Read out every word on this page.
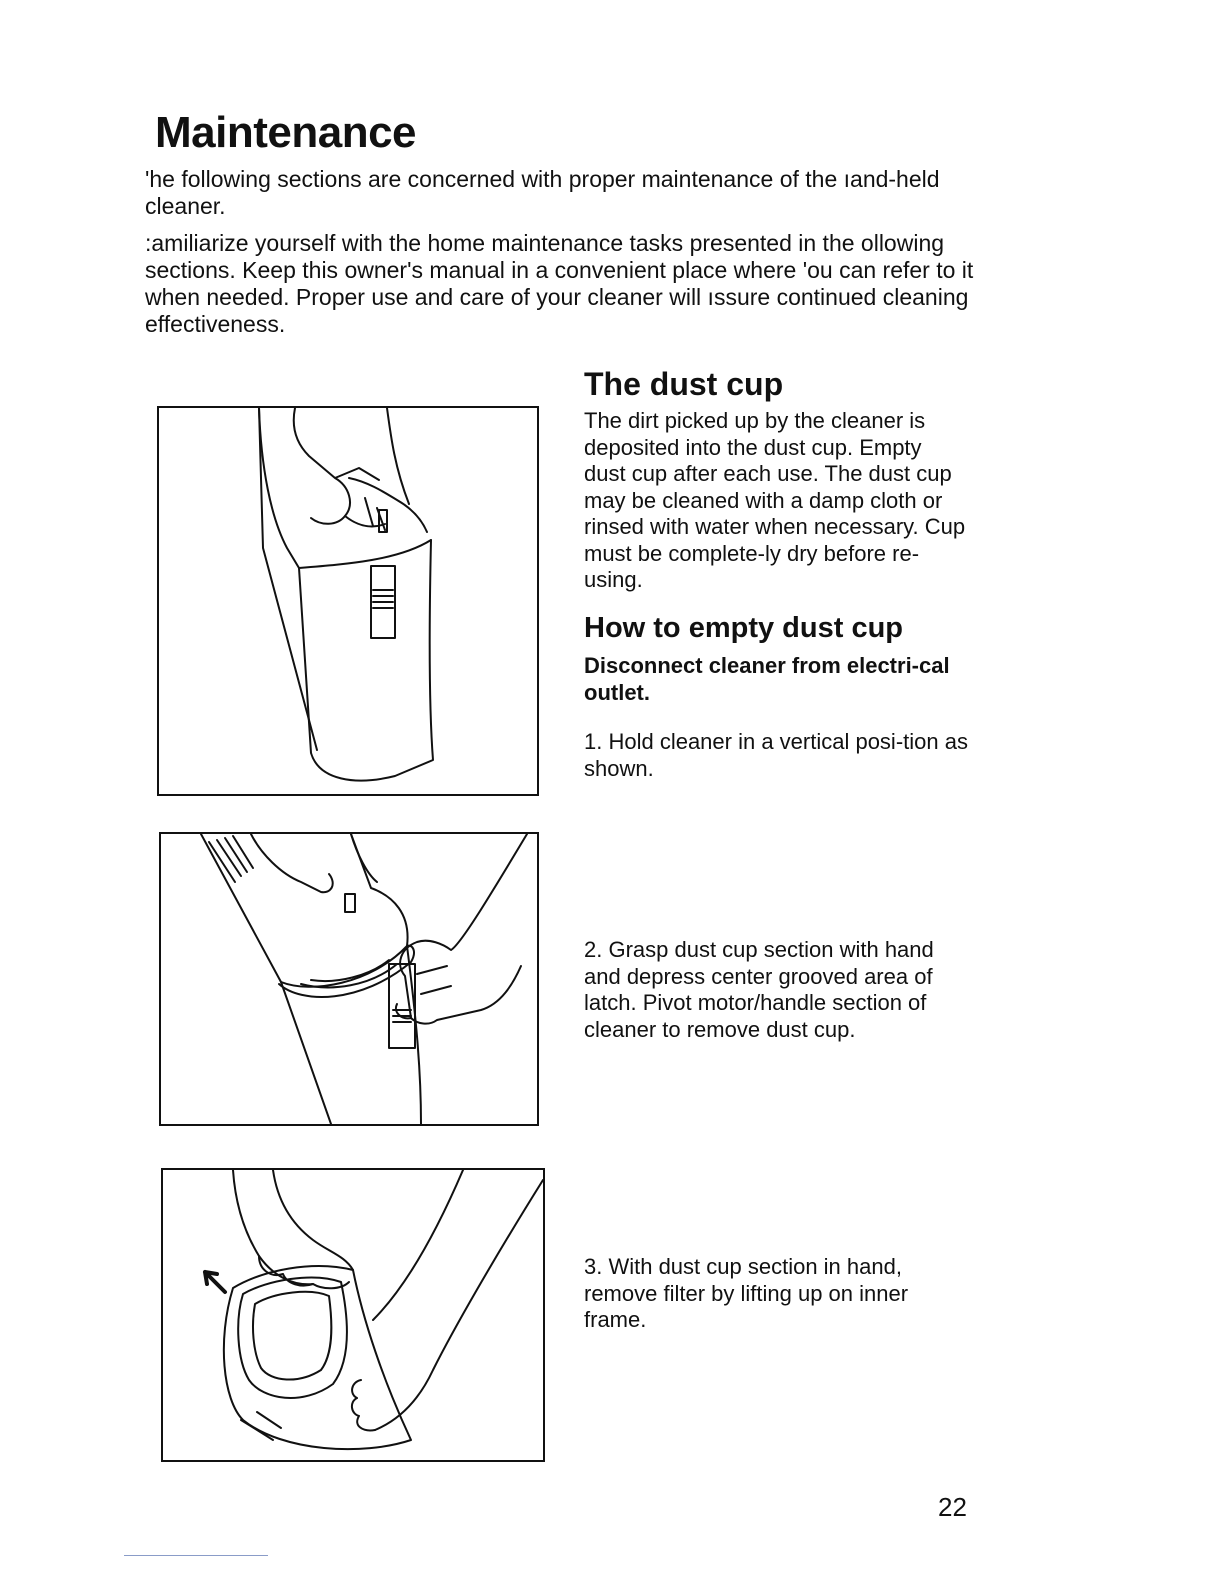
Maintenance

'he following sections are concerned with proper maintenance of the ıand-held cleaner.

:amiliarize yourself with the home maintenance tasks presented in the ollowing sections. Keep this owner's manual in a convenient place where 'ou can refer to it when needed. Proper use and care of your cleaner will ıssure continued cleaning effectiveness.

The dust cup

The dirt picked up by the cleaner is deposited into the dust cup. Empty dust cup after each use. The dust cup may be cleaned with a damp cloth or rinsed with water when necessary. Cup must be complete-ly dry before re-using.

How to empty dust cup

Disconnect cleaner from electri-cal outlet.

1. Hold cleaner in a vertical posi-tion as shown.

2. Grasp dust cup section with hand and depress center grooved area of latch. Pivot motor/handle section of cleaner to remove dust cup.

3. With dust cup section in hand, remove filter by lifting up on inner frame.

22
